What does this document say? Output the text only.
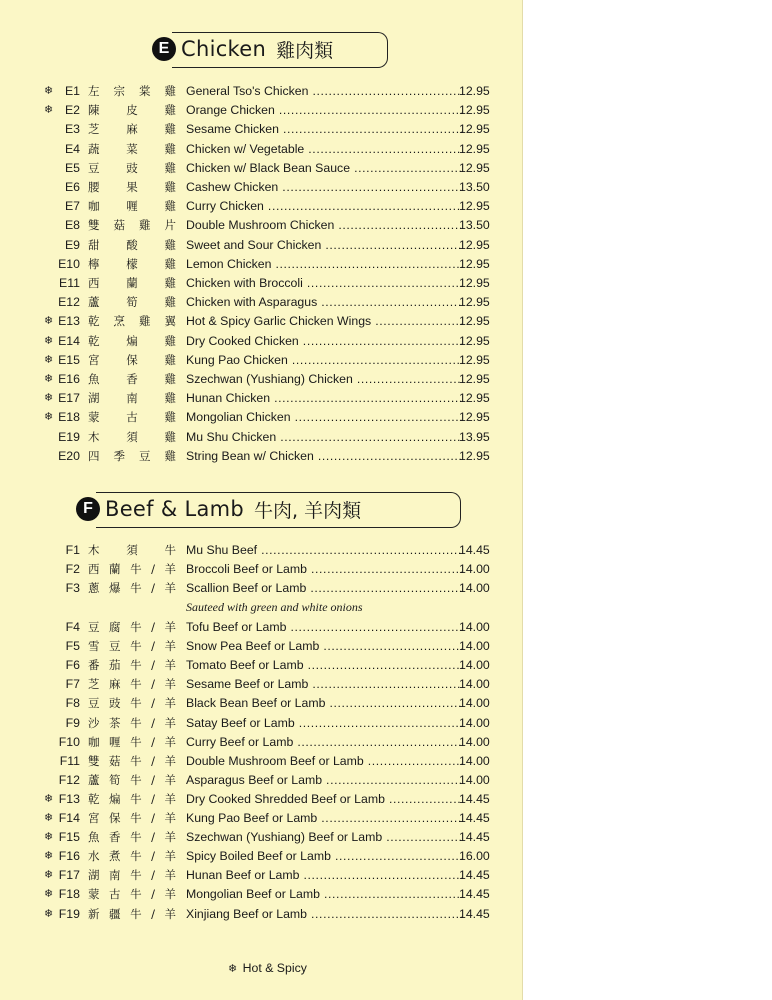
E Chicken 雞肉類
❄ E1 左 宗 棠 雞 General Tso's Chicken .....	12.95
❄ E2 陳 皮 雞 Orange Chicken .....	12.95
E3 芝 麻 雞 Sesame Chicken .....	12.95
E4 蔬 菜 雞 Chicken w/ Vegetable .....	12.95
E5 豆 豉 雞 Chicken w/ Black Bean Sauce .....	12.95
E6 腰 果 雞 Cashew Chicken .....	13.50
E7 咖 喱 雞 Curry Chicken .....	12.95
E8 雙 菇 雞 片 Double Mushroom Chicken .....	13.50
E9 甜 酸 雞 Sweet and Sour Chicken .....	12.95
E10 檸 檬 雞 Lemon Chicken .....	12.95
E11 西 蘭 雞 Chicken with Broccoli .....	12.95
E12 蘆 筍 雞 Chicken with Asparagus .....	12.95
❄ E13 乾 烹 雞 翼 Hot & Spicy Garlic Chicken Wings .....	12.95
❄ E14 乾 煸 雞 Dry Cooked Chicken .....	12.95
❄ E15 宮 保 雞 Kung Pao Chicken .....	12.95
❄ E16 魚 香 雞 Szechwan (Yushiang) Chicken .....	12.95
❄ E17 湖 南 雞 Hunan Chicken .....	12.95
❄ E18 蒙 古 雞 Mongolian Chicken .....	12.95
E19 木 須 雞 Mu Shu Chicken .....	13.95
E20 四 季 豆 雞 String Bean w/ Chicken .....	12.95
F Beef & Lamb 牛肉, 羊肉類
F1 木 須 牛 Mu Shu Beef .....	14.45
F2 西 蘭 牛 / 羊 Broccoli Beef or Lamb .....	14.00
F3 蔥 爆 牛 / 羊 Scallion Beef or Lamb .....	14.00
F4 豆 腐 牛 / 羊 Tofu Beef or Lamb .....	14.00
F5 雪 豆 牛 / 羊 Snow Pea Beef or Lamb .....	14.00
F6 番 茄 牛 / 羊 Tomato Beef or Lamb .....	14.00
F7 芝 麻 牛 / 羊 Sesame Beef or Lamb .....	14.00
F8 豆 豉 牛 / 羊 Black Bean Beef or Lamb .....	14.00
F9 沙 茶 牛 / 羊 Satay Beef or Lamb .....	14.00
F10 咖 喱 牛 / 羊 Curry Beef or Lamb .....	14.00
F11 雙 菇 牛 / 羊 Double Mushroom Beef or Lamb .....	14.00
F12 蘆 筍 牛 / 羊 Asparagus Beef or Lamb .....	14.00
❄ F13 乾 煸 牛 / 羊 Dry Cooked Shredded Beef or Lamb .....	14.45
❄ F14 宮 保 牛 / 羊 Kung Pao Beef or Lamb .....	14.45
❄ F15 魚 香 牛 / 羊 Szechwan (Yushiang) Beef or Lamb .....	14.45
❄ F16 水 煮 牛 / 羊 Spicy Boiled Beef or Lamb .....	16.00
❄ F17 湖 南 牛 / 羊 Hunan Beef or Lamb .....	14.45
❄ F18 蒙 古 牛 / 羊 Mongolian Beef or Lamb .....	14.45
❄ F19 新 疆 牛 / 羊 Xinjiang Beef or Lamb .....	14.45
Sauteed with green and white onions
❄ Hot & Spicy
